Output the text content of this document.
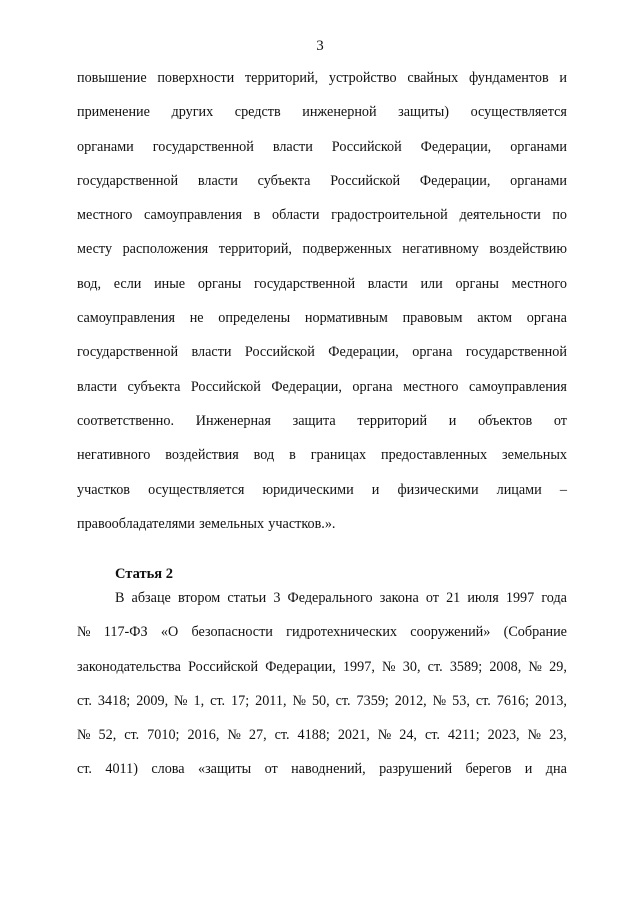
3
повышение поверхности территорий, устройство свайных фундаментов и
применение других средств инженерной защиты) осуществляется
органами государственной власти Российской Федерации, органами
государственной власти субъекта Российской Федерации, органами
местного самоуправления в области градостроительной деятельности по
месту расположения территорий, подверженных негативному воздействию
вод, если иные органы государственной власти или органы местного
самоуправления не определены нормативным правовым актом органа
государственной власти Российской Федерации, органа государственной
власти субъекта Российской Федерации, органа местного самоуправления
соответственно. Инженерная защита территорий и объектов от
негативного воздействия вод в границах предоставленных земельных
участков осуществляется юридическими и физическими лицами –
правообладателями земельных участков.».
Статья 2
В абзаце втором статьи 3 Федерального закона от 21 июля 1997 года
№ 117-ФЗ «О безопасности гидротехнических сооружений» (Собрание
законодательства Российской Федерации, 1997, № 30, ст. 3589; 2008, № 29,
ст. 3418; 2009, № 1, ст. 17; 2011, № 50, ст. 7359; 2012, № 53, ст. 7616; 2013,
№ 52, ст. 7010; 2016, № 27, ст. 4188; 2021, № 24, ст. 4211; 2023, № 23,
ст. 4011) слова «защиты от наводнений, разрушений берегов и дна
